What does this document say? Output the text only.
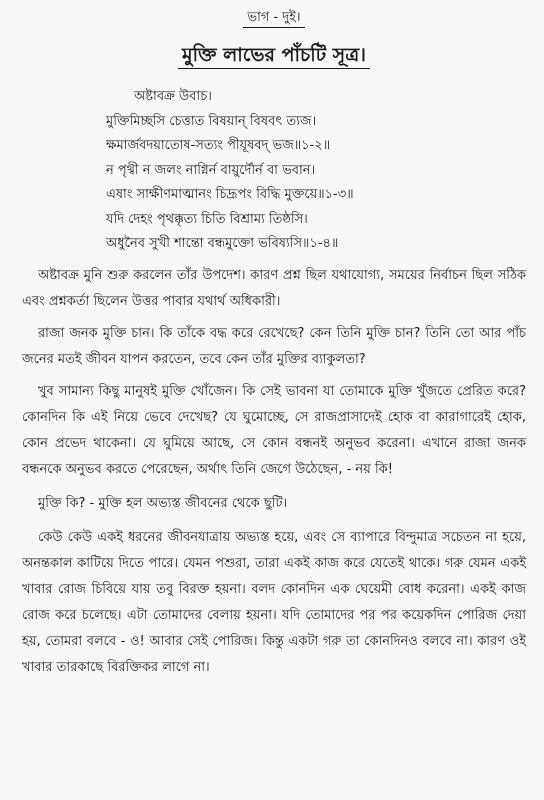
ভাগ - দুই।
মুক্তি লাভের পাঁচটি সূত্র।
অষ্টাবক্র উবাচ।
মুক্তিমিচ্ছসি চেত্তাত বিষয়ান্ বিষবৎ ত্যজ।
ক্ষমার্জবদয়াতোষ-সত্যং পীযূষবদ্ ভজ॥১-২॥
ন পৃথ্বী ন জলং নাগ্নির্ন বায়ুর্দৌর্ন বা ভবান।
এষাং সাক্ষীণমাত্মানং চিদ্রূপং বিদ্ধি মুক্তয়ে॥১-৩॥
যদি দেহং পৃথক্কৃত্য চিতি বিশ্রাম্য তিষ্ঠসি।
অধুনৈব সুখী শান্তো বন্ধমুক্তো ভবিষ্যসি॥১-৪॥

অষ্টাবক্র মুনি শুরু করলেন তাঁর উপদেশ। কারণ প্রশ্ন ছিল যথাযোগ্য, সময়ের নির্বাচন ছিল সঠিক এবং প্রশ্নকর্তা ছিলেন উত্তর পাবার যথার্থ অধিকারী।

রাজা জনক মুক্তি চান। কি তাঁকে বদ্ধ করে রেখেছে? কেন তিনি মুক্তি চান? তিনি তো আর পাঁচ জনের মতই জীবন যাপন করতেন, তবে কেন তাঁর মুক্তির ব্যাকুলতা?

খুব সামান্য কিছু মানুষই মুক্তি খোঁজেন। কি সেই ভাবনা যা তোমাকে মুক্তি খুঁজতে প্রেরিত করে? কোনদিন কি এই নিয়ে ভেবে দেখেছ? যে ঘুমোচ্ছে, সে রাজপ্রাসাদেই হোক বা কারাগারেই হোক, কোন প্রভেদ থাকেনা। যে ঘুমিয়ে আছে, সে কোন বন্ধনই অনুভব করেনা। এখানে রাজা জনক বন্ধনকে অনুভব করতে পেরেছেন, অর্থাৎ তিনি জেগে উঠেছেন, - নয় কি!

মুক্তি কি? - মুক্তি হল অভ্যস্ত জীবনের থেকে ছুটি।

কেউ কেউ একই ধরনের জীবনযাত্রায় অভ্যস্ত হয়ে, এবং সে ব্যাপারে বিন্দুমাত্র সচেতন না হয়ে, অনন্তকাল কাটিয়ে দিতে পারে। যেমন পশুরা, তারা একই কাজ করে যেতেই থাকে। গরু যেমন একই খাবার রোজ চিবিয়ে যায় তবু বিরক্ত হয়না। বলদ কোনদিন এক ঘেয়েমী বোধ করেনা। একই কাজ রোজ করে চলেছে। এটা তোমাদের বেলায় হয়না। যদি তোমাদের পর পর কয়েকদিন পোরিজ দেয়া হয়, তোমরা বলবে - ও! আবার সেই পোরিজ। কিন্তু একটা গরু তা কোনদিনও বলবে না। কারণ ওই খাবার তারকাছে বিরক্তিকর লাগে না।
